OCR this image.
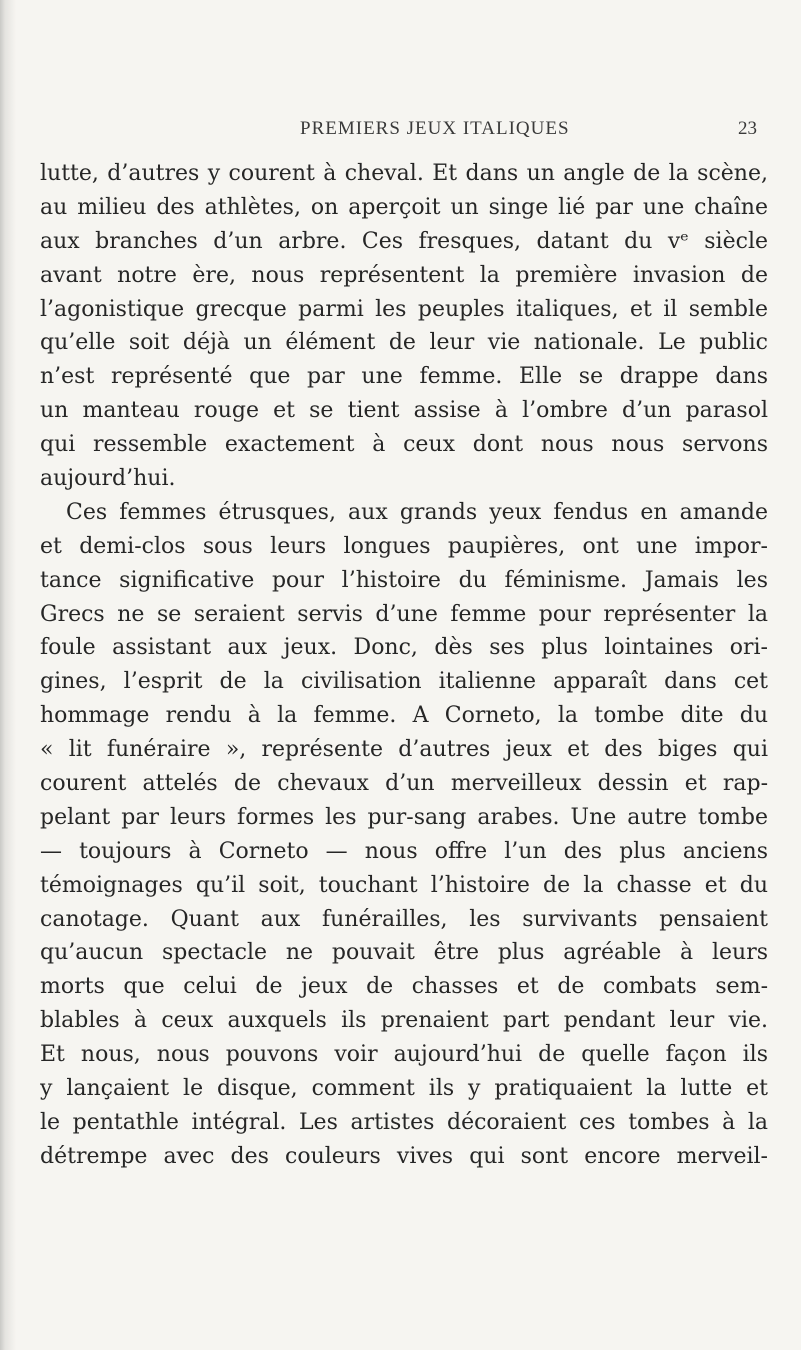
PREMIERS JEUX ITALIQUES	23
lutte, d’autres y courent à cheval. Et dans un angle de la scène,
au milieu des athlètes, on aperçoit un singe lié par une chaîne
aux branches d’un arbre. Ces fresques, datant du vᵉ siècle
avant notre ère, nous représentent la première invasion de
l’agonistique grecque parmi les peuples italiques, et il semble
qu’elle soit déjà un élément de leur vie nationale. Le public
n’est représenté que par une femme. Elle se drappe dans
un manteau rouge et se tient assise à l’ombre d’un parasol
qui ressemble exactement à ceux dont nous nous servons
aujourd’hui.
Ces femmes étrusques, aux grands yeux fendus en amande
et demi-clos sous leurs longues paupières, ont une impor-
tance significative pour l’histoire du féminisme. Jamais les
Grecs ne se seraient servis d’une femme pour représenter la
foule assistant aux jeux. Donc, dès ses plus lointaines ori-
gines, l’esprit de la civilisation italienne apparaît dans cet
hommage rendu à la femme. A Corneto, la tombe dite du
« lit funéraire », représente d’autres jeux et des biges qui
courent attelés de chevaux d’un merveilleux dessin et rap-
pelant par leurs formes les pur-sang arabes. Une autre tombe
— toujours à Corneto — nous offre l’un des plus anciens
témoignages qu’il soit, touchant l’histoire de la chasse et du
canotage. Quant aux funérailles, les survivants pensaient
qu’aucun spectacle ne pouvait être plus agréable à leurs
morts que celui de jeux de chasses et de combats sem-
blables à ceux auxquels ils prenaient part pendant leur vie.
Et nous, nous pouvons voir aujourd’hui de quelle façon ils
y lançaient le disque, comment ils y pratiquaient la lutte et
le pentathle intégral. Les artistes décoraient ces tombes à la
détrempe avec des couleurs vives qui sont encore merveil-
